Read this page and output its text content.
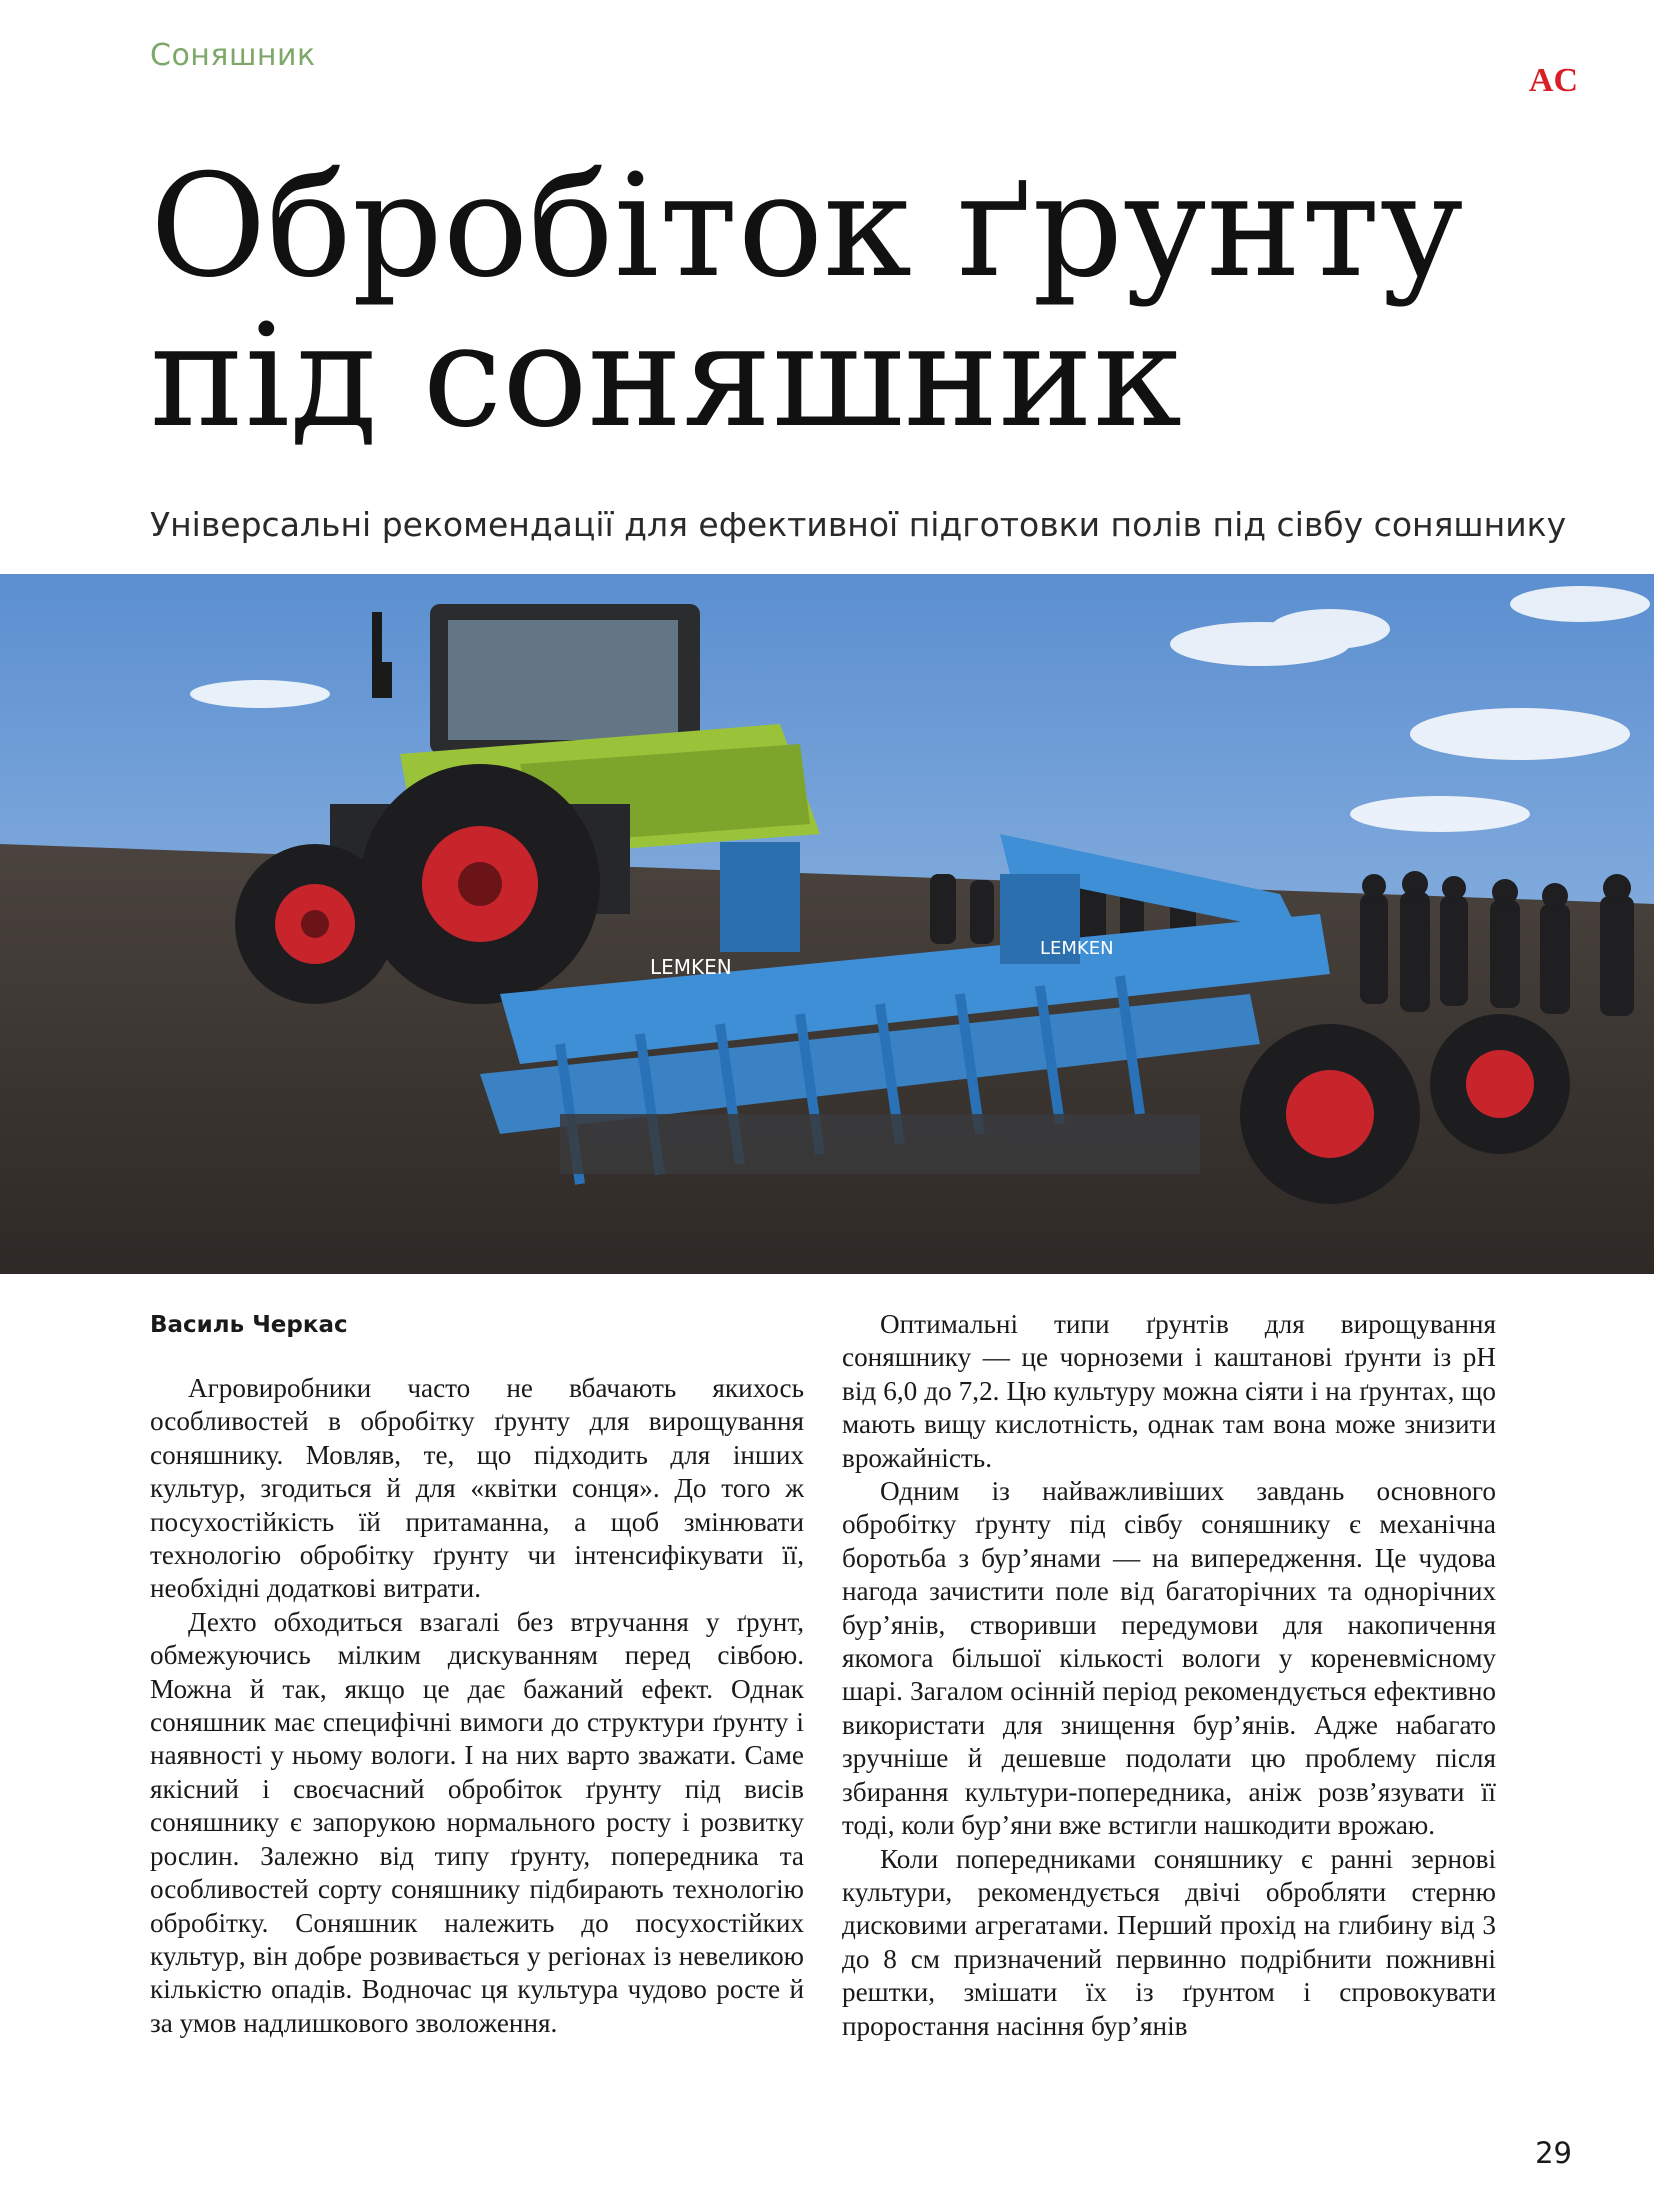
Соняшник
AC
Обробіток ґрунту
під соняшник
Універсальні рекомендації для ефективної підготовки полів під сівбу соняшнику
LEMKEN
LEMKEN
Василь Черкас

Агровиробники часто не вбачають якихось особливостей в обробітку ґрунту для вирощування соняшнику. Мовляв, те, що підходить для інших культур, згодиться й для «квітки сонця». До того ж посухостійкість їй притаманна, а щоб змінювати технологію обробітку ґрунту чи інтенсифікувати її, необхідні додаткові витрати.

Дехто обходиться взагалі без втручання у ґрунт, обмежуючись мілким дискуванням перед сівбою. Можна й так, якщо це дає бажаний ефект. Однак соняшник має специфічні вимоги до структури ґрунту і наявності у ньому вологи. І на них варто зважати. Саме якісний і своєчасний обробіток ґрунту під висів соняшнику є запорукою нормального росту і розвитку рослин. Залежно від типу ґрунту, попередника та особливостей сорту соняшнику підбирають технологію обробітку. Соняшник належить до посухостійких культур, він добре розвивається у регіонах із невеликою кількістю опадів. Водночас ця культура чудово росте й за умов надлишкового зволоження.

Оптимальні типи ґрунтів для вирощування соняшнику — це чорноземи і каштанові ґрунти із pH від 6,0 до 7,2. Цю культуру можна сіяти і на ґрунтах, що мають вищу кислотність, однак там вона може знизити врожайність.

Одним із найважливіших завдань основного обробітку ґрунту під сівбу соняшнику є механічна боротьба з бур’янами — на випередження. Це чудова нагода зачистити поле від багаторічних та однорічних бур’янів, створивши передумови для накопичення якомога більшої кількості вологи у кореневмісному шарі. Загалом осінній період рекомендується ефективно використати для знищення бур’янів. Адже набагато зручніше й дешевше подолати цю проблему після збирання культури-попередника, аніж розв’язувати її тоді, коли бур’яни вже встигли нашкодити врожаю.

Коли попередниками соняшнику є ранні зернові культури, рекомендується двічі обробляти стерню дисковими агрегатами. Перший прохід на глибину від 3 до 8 см призначений первинно подрібнити пожнивні рештки, змішати їх із ґрунтом і спровокувати проростання насіння бур’янів

29
